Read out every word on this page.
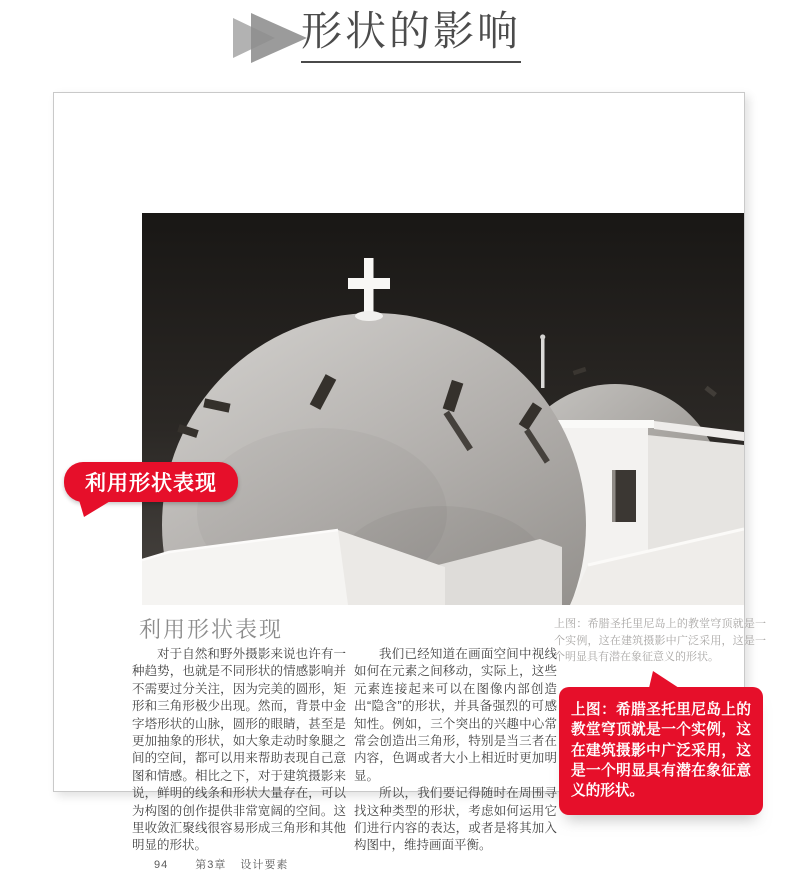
形状的影响
利用形状表现

对于自然和野外摄影来说也许有一种趋势，也就是不同形状的情感影响并不需要过分关注，因为完美的圆形，矩形和三角形极少出现。然而，背景中金字塔形状的山脉，圆形的眼睛，甚至是更加抽象的形状，如大象走动时象腿之间的空间，都可以用来帮助表现自己意图和情感。相比之下，对于建筑摄影来说，鲜明的线条和形状大量存在，可以为构图的创作提供非常宽阔的空间。这里收敛汇聚线很容易形成三角形和其他明显的形状。

我们已经知道在画面空间中视线如何在元素之间移动，实际上，这些元素连接起来可以在图像内部创造出“隐含”的形状，并具备强烈的可感知性。例如，三个突出的兴趣中心常常会创造出三角形，特别是当三者在内容，色调或者大小上相近时更加明显。

所以，我们要记得随时在周围寻找这种类型的形状，考虑如何运用它们进行内容的表达，或者是将其加入构图中，维持画面平衡。

上图：希腊圣托里尼岛上的教堂穹顶就是一个实例，这在建筑摄影中广泛采用，这是一个明显具有潜在象征意义的形状。
上图：希腊圣托里尼岛上的教堂穹顶就是一个实例，这在建筑摄影中广泛采用，这是一个明显具有潜在象征意义的形状。
94 第3章 设计要素
利用形状表现
